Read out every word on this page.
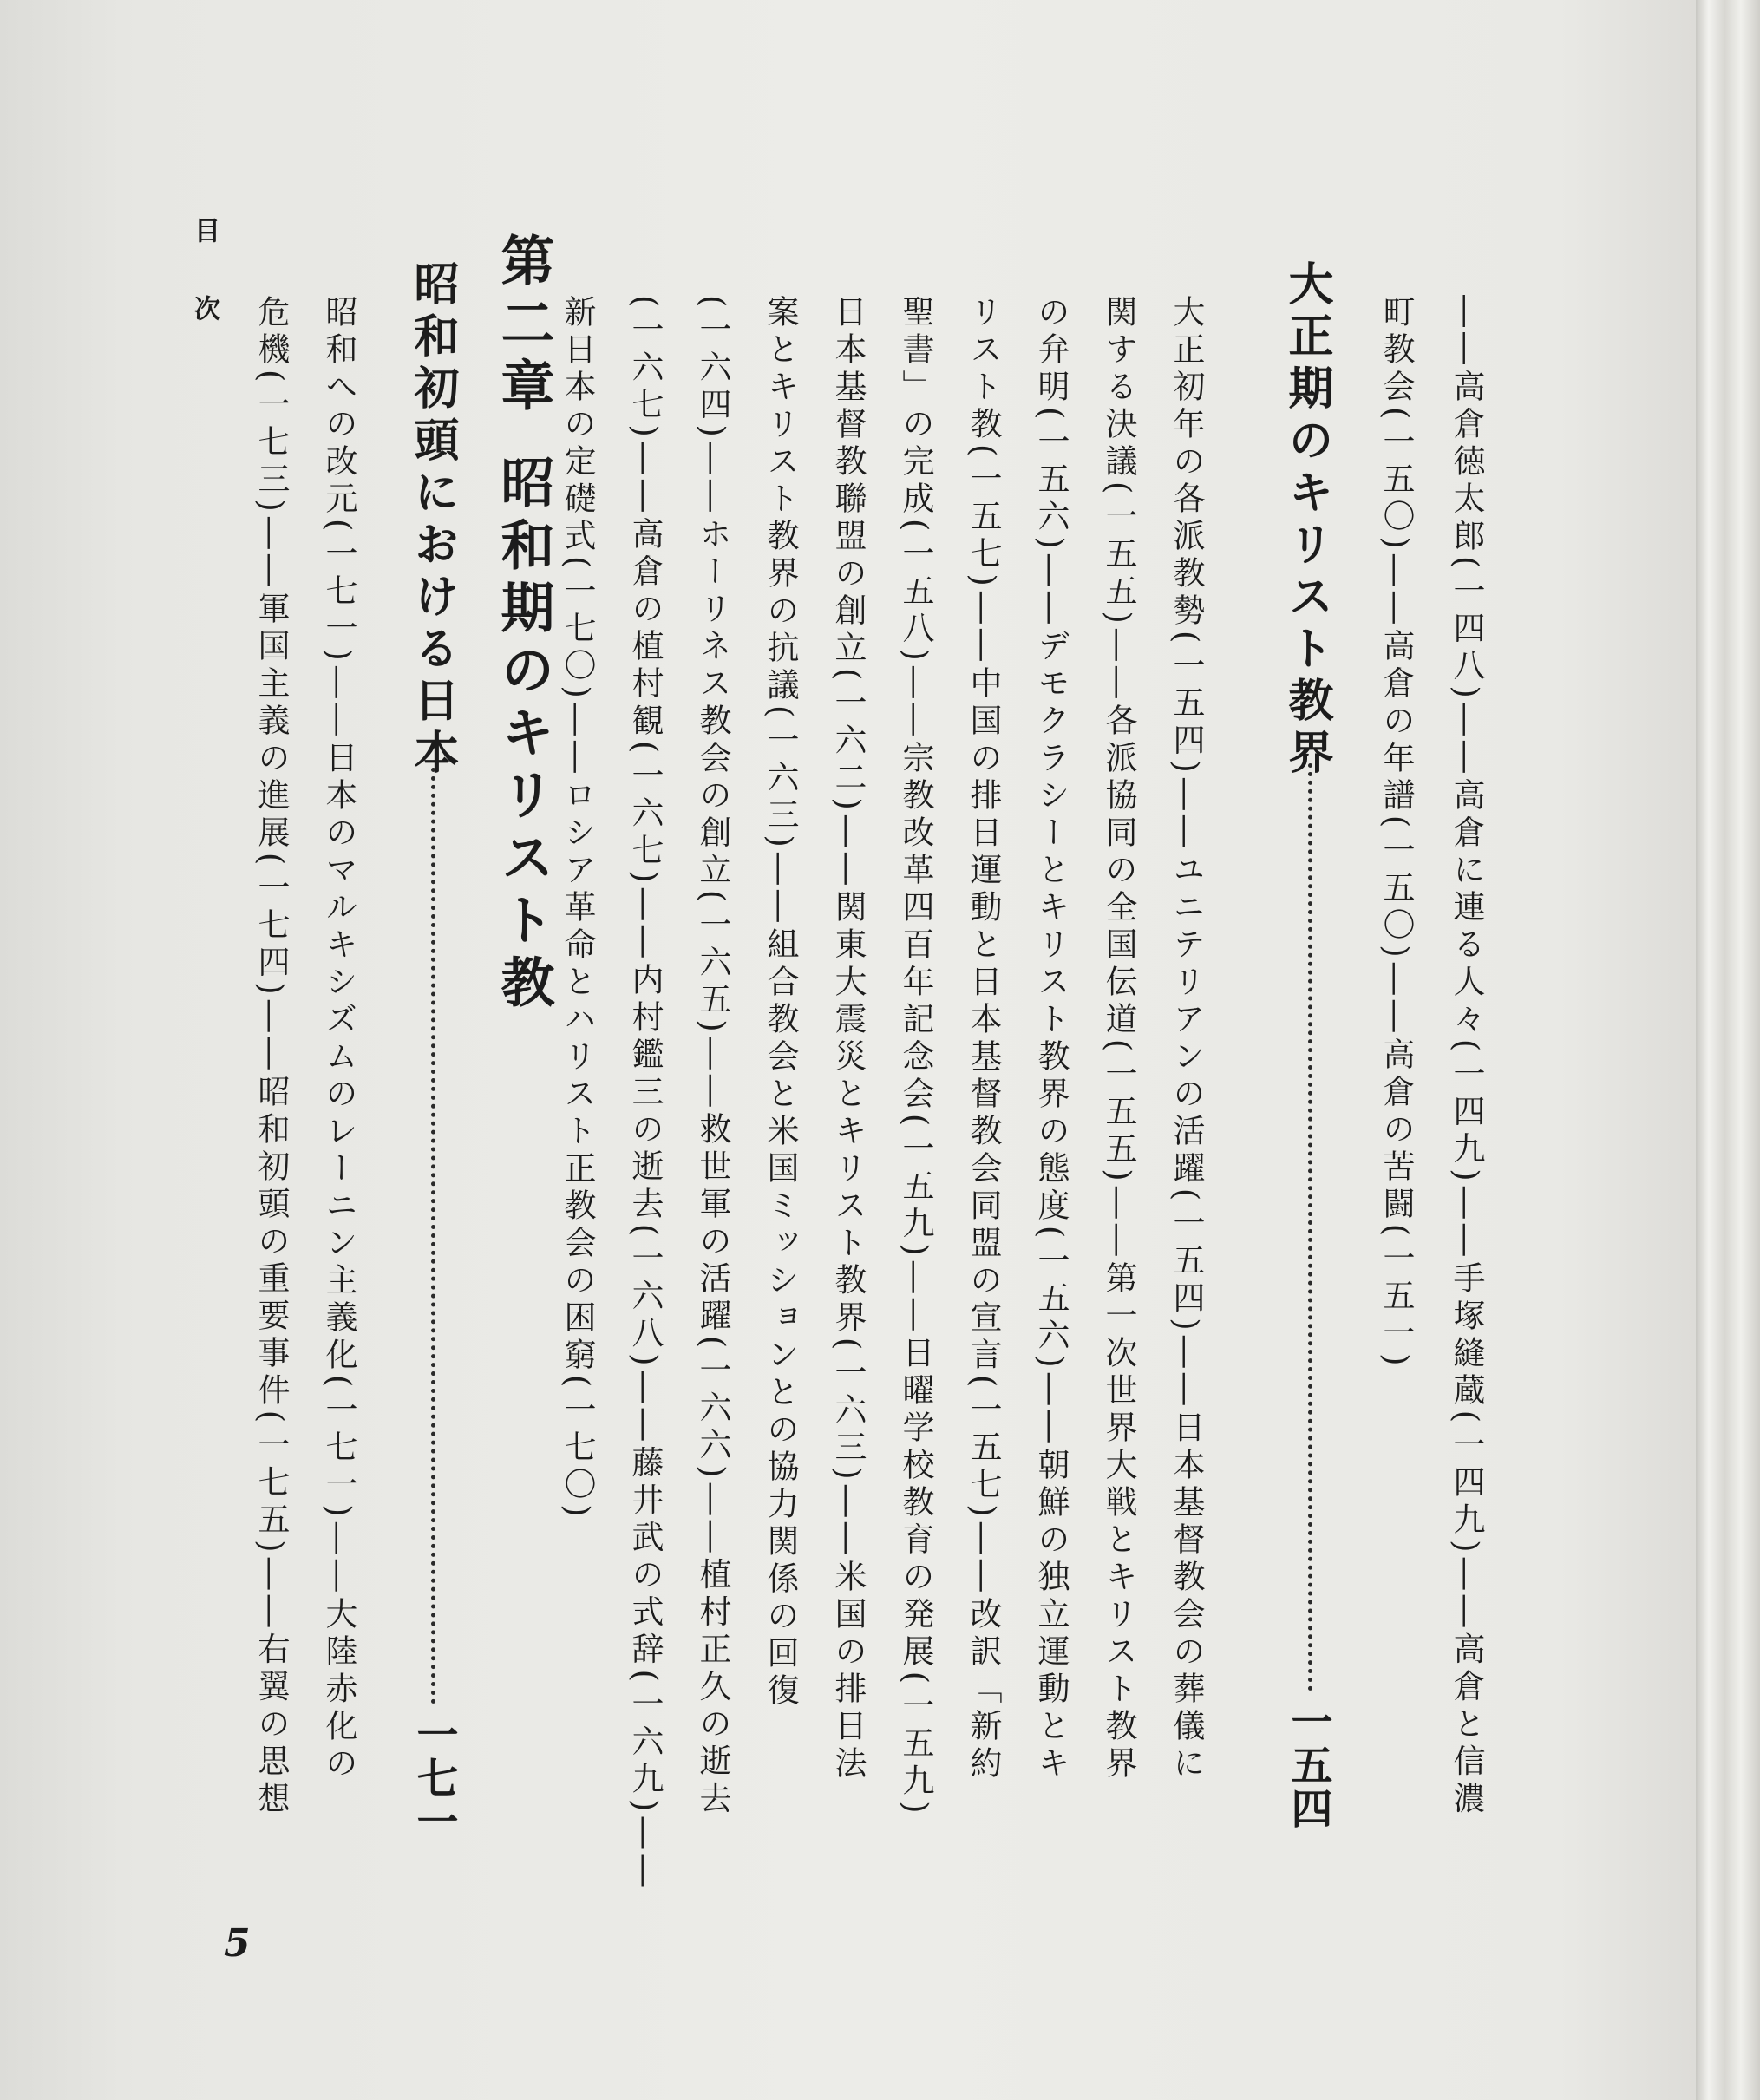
――高倉徳太郎(一四八)――高倉に連る人々(一四九)――手塚縫蔵(一四九)――高倉と信濃
町教会(一五〇)――高倉の年譜(一五〇)――高倉の苦闘(一五一)
大正期のキリスト教界
一五四
大正初年の各派教勢(一五四)――ユニテリアンの活躍(一五四)――日本基督教会の葬儀に
関する決議(一五五)――各派協同の全国伝道(一五五)――第一次世界大戦とキリスト教界
の弁明(一五六)――デモクラシーとキリスト教界の態度(一五六)――朝鮮の独立運動とキ
リスト教(一五七)――中国の排日運動と日本基督教会同盟の宣言(一五七)――改訳「新約
聖書」の完成(一五八)――宗教改革四百年記念会(一五九)――日曜学校教育の発展(一五九)
日本基督教聯盟の創立(一六二)――関東大震災とキリスト教界(一六三)――米国の排日法
案とキリスト教界の抗議(一六三)――組合教会と米国ミッションとの協力関係の回復
(一六四)――ホーリネス教会の創立(一六五)――救世軍の活躍(一六六)――植村正久の逝去
(一六七)――高倉の植村観(一六七)――内村鑑三の逝去(一六八)――藤井武の式辞(一六九)――
新日本の定礎式(一七〇)――ロシア革命とハリスト正教会の困窮(一七〇)
第二章昭和期のキリスト教
昭和初頭における日本
一七一
昭和への改元(一七一)――日本のマルキシズムのレーニン主義化(一七一)――大陸赤化の
危機(一七三)――軍国主義の進展(一七四)――昭和初頭の重要事件(一七五)――右翼の思想
目次
5
